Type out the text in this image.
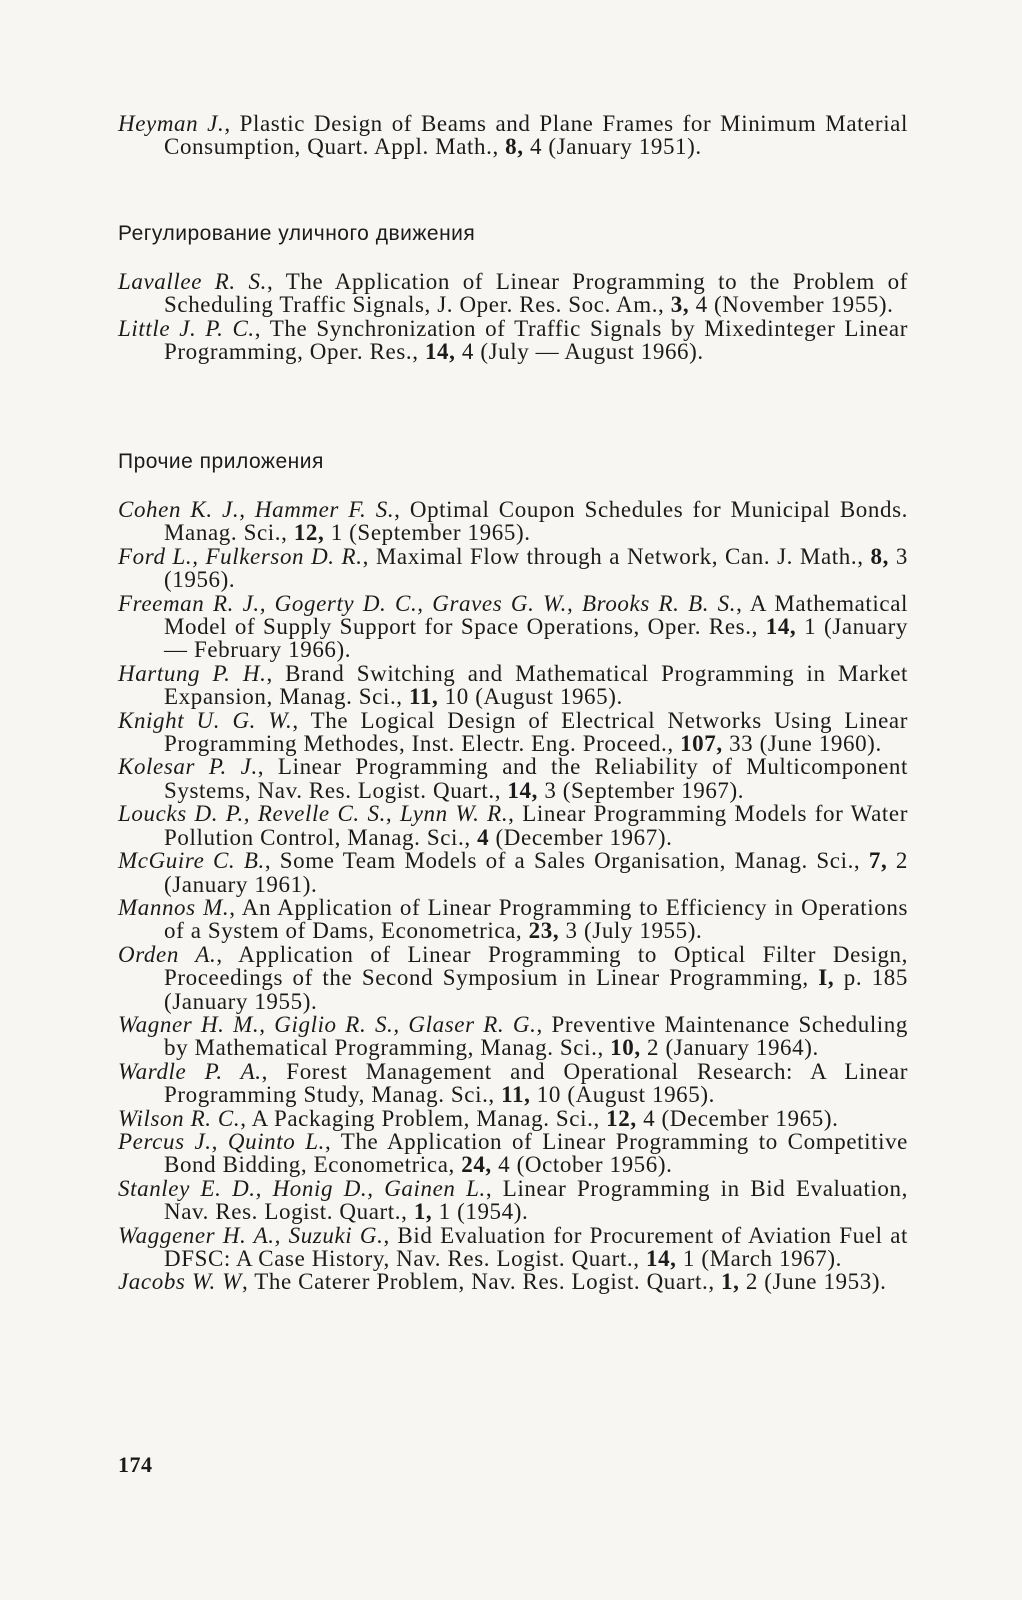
Heyman J., Plastic Design of Beams and Plane Frames for Minimum Material Consumption, Quart. Appl. Math., 8, 4 (January 1951).
Регулирование уличного движения
Lavallee R. S., The Application of Linear Programming to the Problem of Scheduling Traffic Signals, J. Oper. Res. Soc. Am., 3, 4 (November 1955).
Little J. P. C., The Synchronization of Traffic Signals by Mixedinteger Linear Programming, Oper. Res., 14, 4 (July — August 1966).
Прочие приложения
Cohen K. J., Hammer F. S., Optimal Coupon Schedules for Municipal Bonds. Manag. Sci., 12, 1 (September 1965).
Ford L., Fulkerson D. R., Maximal Flow through a Network, Can. J. Math., 8, 3 (1956).
Freeman R. J., Gogerty D. C., Graves G. W., Brooks R. B. S., A Mathematical Model of Supply Support for Space Operations, Oper. Res., 14, 1 (January — February 1966).
Hartung P. H., Brand Switching and Mathematical Programming in Market Expansion, Manag. Sci., 11, 10 (August 1965).
Knight U. G. W., The Logical Design of Electrical Networks Using Linear Programming Methodes, Inst. Electr. Eng. Proceed., 107, 33 (June 1960).
Kolesar P. J., Linear Programming and the Reliability of Multicomponent Systems, Nav. Res. Logist. Quart., 14, 3 (September 1967).
Loucks D. P., Revelle C. S., Lynn W. R., Linear Programming Models for Water Pollution Control, Manag. Sci., 4 (December 1967).
McGuire C. B., Some Team Models of a Sales Organisation, Manag. Sci., 7, 2 (January 1961).
Mannos M., An Application of Linear Programming to Efficiency in Operations of a System of Dams, Econometrica, 23, 3 (July 1955).
Orden A., Application of Linear Programming to Optical Filter Design, Proceedings of the Second Symposium in Linear Programming, I, p. 185 (January 1955).
Wagner H. M., Giglio R. S., Glaser R. G., Preventive Maintenance Scheduling by Mathematical Programming, Manag. Sci., 10, 2 (January 1964).
Wardle P. A., Forest Management and Operational Research: A Linear Programming Study, Manag. Sci., 11, 10 (August 1965).
Wilson R. C., A Packaging Problem, Manag. Sci., 12, 4 (December 1965).
Percus J., Quinto L., The Application of Linear Programming to Competitive Bond Bidding, Econometrica, 24, 4 (October 1956).
Stanley E. D., Honig D., Gainen L., Linear Programming in Bid Evaluation, Nav. Res. Logist. Quart., 1, 1 (1954).
Waggener H. A., Suzuki G., Bid Evaluation for Procurement of Aviation Fuel at DFSC: A Case History, Nav. Res. Logist. Quart., 14, 1 (March 1967).
Jacobs W. W, The Caterer Problem, Nav. Res. Logist. Quart., 1, 2 (June 1953).
174
